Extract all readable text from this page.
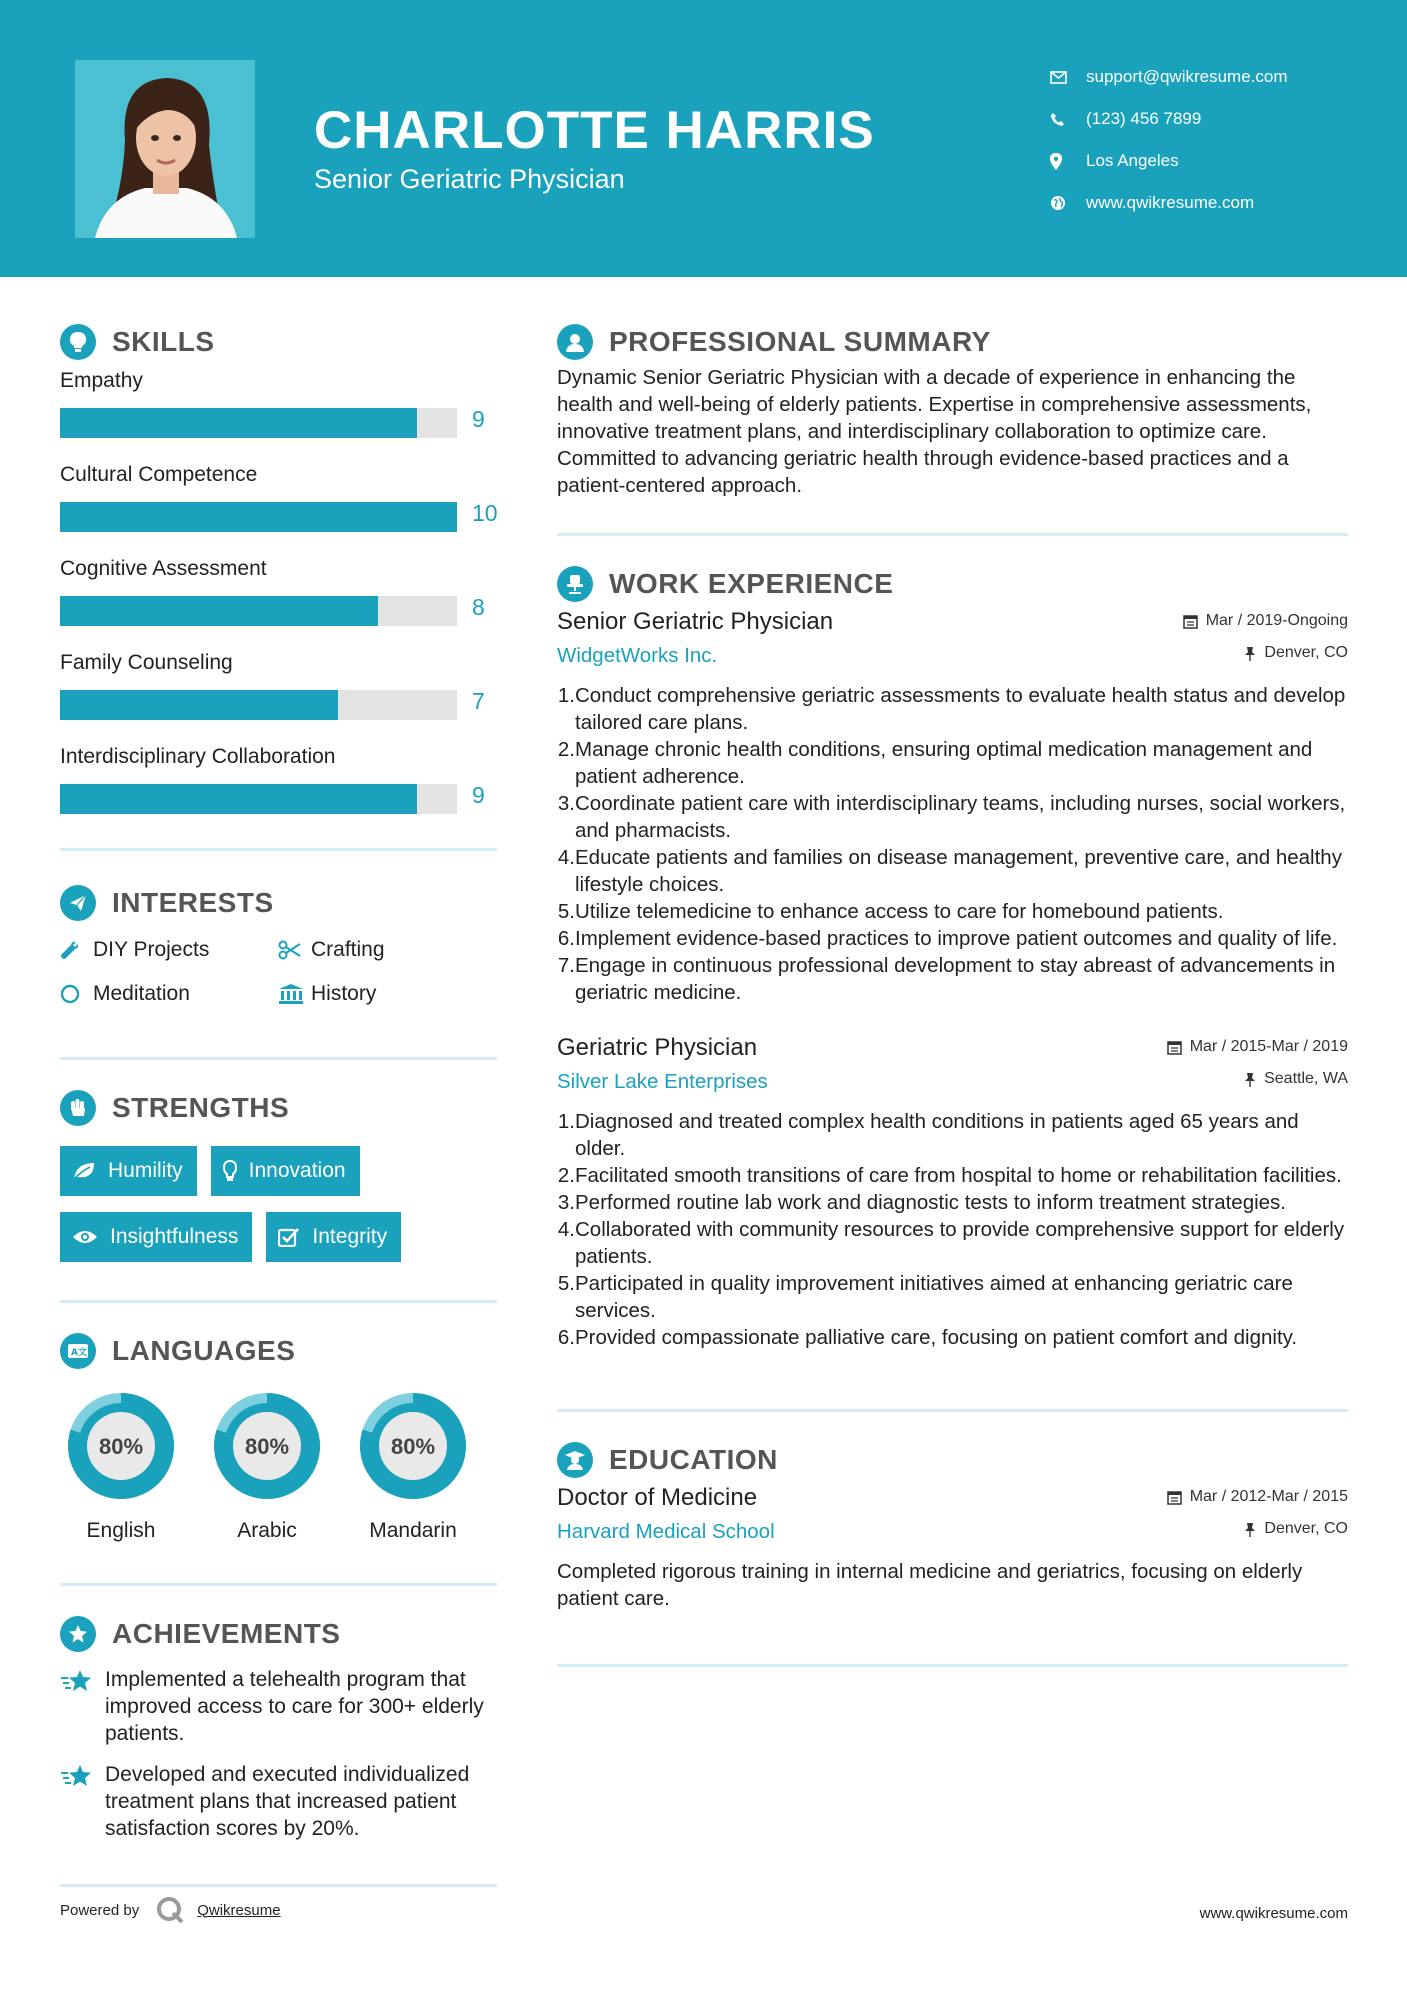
CHARLOTTE HARRIS
Senior Geriatric Physician
support@qwikresume.com
(123) 456 7899
Los Angeles
www.qwikresume.com
SKILLS
Empathy
9
Cultural Competence
10
Cognitive Assessment
8
Family Counseling
7
Interdisciplinary Collaboration
9
INTERESTS
DIY Projects	Crafting
Meditation	History
STRENGTHS
Humility	Innovation
Insightfulness	Integrity
A文 LANGUAGES
80%
English
80%
Arabic
80%
Mandarin
ACHIEVEMENTS
Implemented a telehealth program that improved access to care for 300+ elderly patients.
Developed and executed individualized treatment plans that increased patient satisfaction scores by 20%.
PROFESSIONAL SUMMARY

Dynamic Senior Geriatric Physician with a decade of experience in enhancing the health and well-being of elderly patients. Expertise in comprehensive assessments, innovative treatment plans, and interdisciplinary collaboration to optimize care. Committed to advancing geriatric health through evidence-based practices and a patient-centered approach.

WORK EXPERIENCE
Senior Geriatric Physician	Mar / 2019-Ongoing
WidgetWorks Inc.	Denver, CO
1. Conduct comprehensive geriatric assessments to evaluate health status and develop tailored care plans.
2. Manage chronic health conditions, ensuring optimal medication management and patient adherence.
3. Coordinate patient care with interdisciplinary teams, including nurses, social workers, and pharmacists.
4. Educate patients and families on disease management, preventive care, and healthy lifestyle choices.
5. Utilize telemedicine to enhance access to care for homebound patients.
6. Implement evidence-based practices to improve patient outcomes and quality of life.
7. Engage in continuous professional development to stay abreast of advancements in geriatric medicine.
Geriatric Physician	Mar / 2015-Mar / 2019
Silver Lake Enterprises	Seattle, WA
1. Diagnosed and treated complex health conditions in patients aged 65 years and older.
2. Facilitated smooth transitions of care from hospital to home or rehabilitation facilities.
3. Performed routine lab work and diagnostic tests to inform treatment strategies.
4. Collaborated with community resources to provide comprehensive support for elderly patients.
5. Participated in quality improvement initiatives aimed at enhancing geriatric care services.
6. Provided compassionate palliative care, focusing on patient comfort and dignity.
EDUCATION
Doctor of Medicine	Mar / 2012-Mar / 2015
Harvard Medical School	Denver, CO

Completed rigorous training in internal medicine and geriatrics, focusing on elderly patient care.

Powered by	Qwikresume	www.qwikresume.com
